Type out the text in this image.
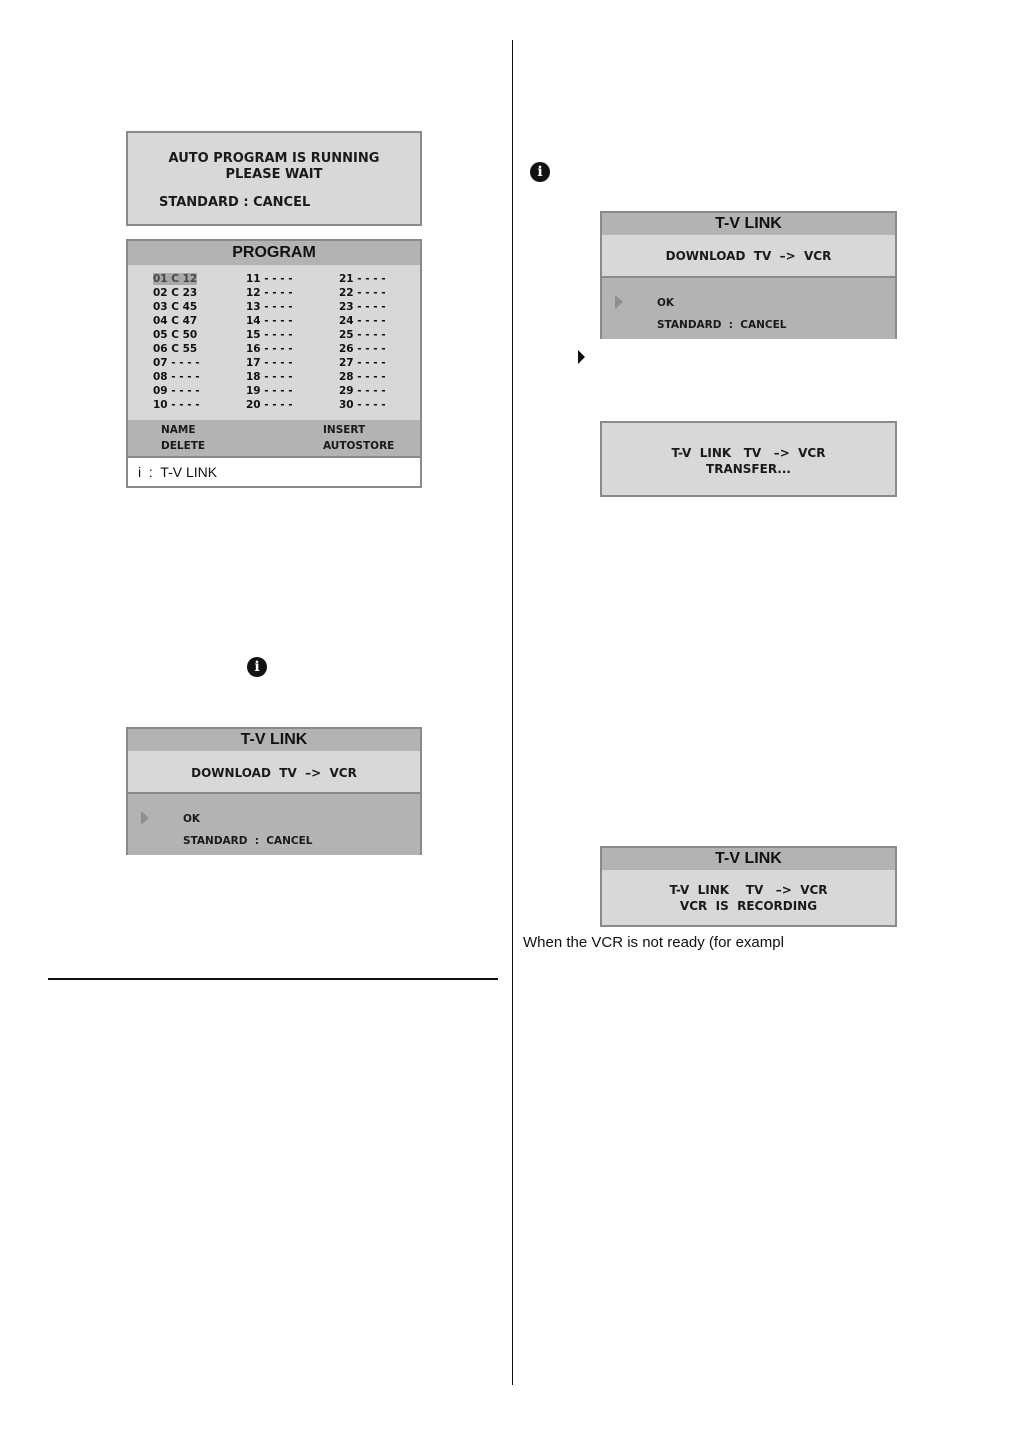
AUTO PROGRAM IS RUNNING
PLEASE WAIT
STANDARD : CANCEL
PROGRAM
01 C 12
02 C 23
03 C 45
04 C 47
05 C 50
06 C 55
07 - - - -
08 - - - -
09 - - - -
10 - - - -
11 - - - -
12 - - - -
13 - - - -
14 - - - -
15 - - - -
16 - - - -
17 - - - -
18 - - - -
19 - - - -
20 - - - -
21 - - - -
22 - - - -
23 - - - -
24 - - - -
25 - - - -
26 - - - -
27 - - - -
28 - - - -
29 - - - -
30 - - - -
NAME
DELETE
INSERT
AUTOSTORE
i  :  T-V LINK
i
T-V LINK
DOWNLOAD  TV  –>  VCR
OK
STANDARD  :  CANCEL
i
T-V LINK
DOWNLOAD  TV  –>  VCR
OK
STANDARD  :  CANCEL
T-V  LINK   TV   –>  VCR
TRANSFER...
T-V LINK
T-V  LINK    TV   –>  VCR
VCR  IS  RECORDING
When the VCR is not ready (for exampl
